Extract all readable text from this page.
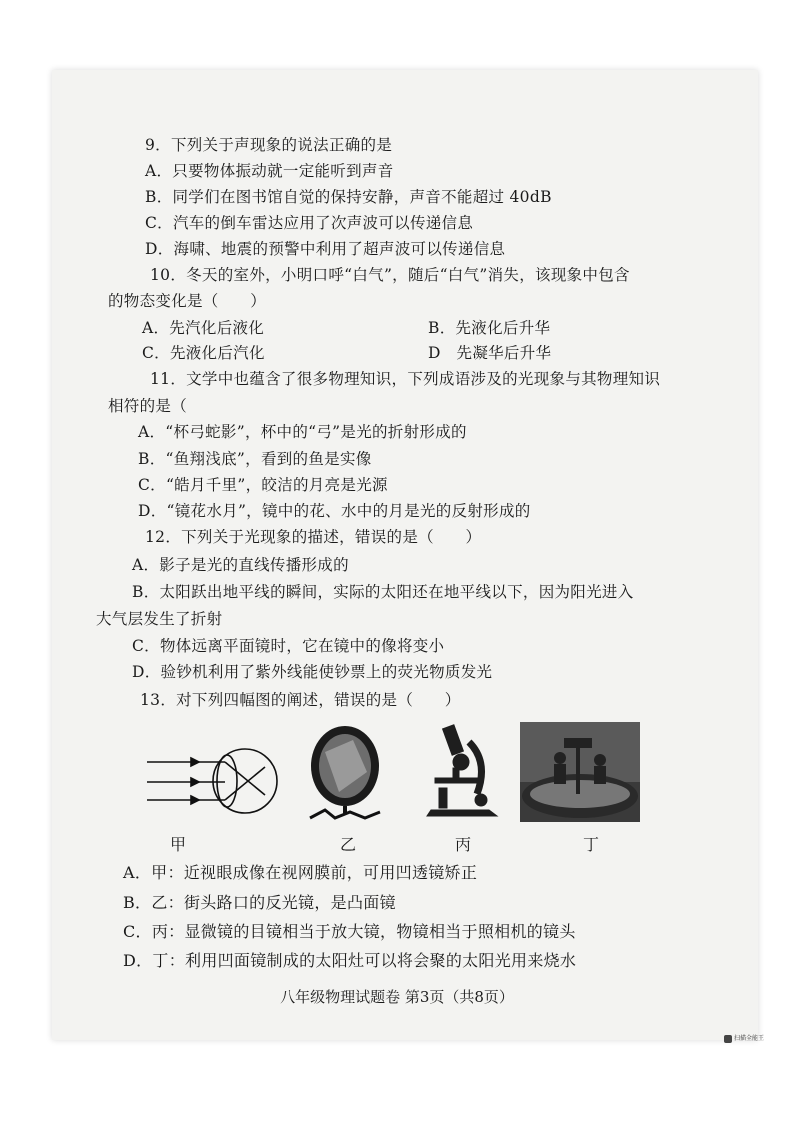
9．下列关于声现象的说法正确的是
A．只要物体振动就一定能听到声音
B．同学们在图书馆自觉的保持安静，声音不能超过 40dB
C．汽车的倒车雷达应用了次声波可以传递信息
D．海啸、地震的预警中利用了超声波可以传递信息
10．冬天的室外，小明口呼“白气”，随后“白气”消失，该现象中包含
的物态变化是（　　）
A．先汽化后液化	B．先液化后升华
C．先液化后汽化	D　先凝华后升华
11．文学中也蕴含了很多物理知识，下列成语涉及的光现象与其物理知识
相符的是（
A．“杯弓蛇影”，杯中的“弓”是光的折射形成的
B．“鱼翔浅底”，看到的鱼是实像
C．“皓月千里”，皎洁的月亮是光源
D．“镜花水月”，镜中的花、水中的月是光的反射形成的
12．下列关于光现象的描述，错误的是（　　）
A．影子是光的直线传播形成的
B．太阳跃出地平线的瞬间，实际的太阳还在地平线以下，因为阳光进入
大气层发生了折射
C．物体远离平面镜时，它在镜中的像将变小
D．验钞机利用了紫外线能使钞票上的荧光物质发光
13．对下列四幅图的阐述，错误的是（　　）
甲	乙	丙	丁
A．甲：近视眼成像在视网膜前，可用凹透镜矫正
B．乙：街头路口的反光镜，是凸面镜
C．丙：显微镜的目镜相当于放大镜，物镜相当于照相机的镜头
D．丁：利用凹面镜制成的太阳灶可以将会聚的太阳光用来烧水
八年级物理试题卷 第3页（共8页）
扫描全能王
